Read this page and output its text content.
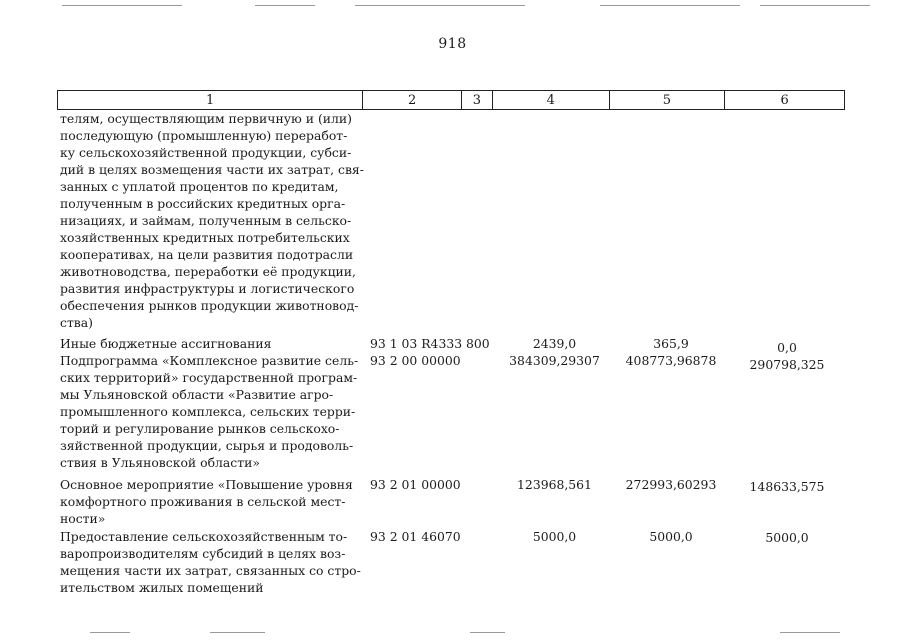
918
1	2	3	4	5	6
телям, осуществляющим первичную и (или)
последующую (промышленную) переработ-
ку сельскохозяйственной продукции, субси-
дий в целях возмещения части их затрат, свя-
занных с уплатой процентов по кредитам,
полученным в российских кредитных орга-
низациях, и займам, полученным в сельско-
хозяйственных кредитных потребительских
кооперативах, на цели развития подотрасли
животноводства, переработки её продукции,
развития инфраструктуры и логистического
обеспечения рынков продукции животновод-
ства)
Иные бюджетные ассигнования	93 1 03 R4333 800	2439,0	365,9	0,0
Подпрограмма «Комплексное развитие сель-
ских территорий» государственной програм-
мы Ульяновской области «Развитие агро-
промышленного комплекса, сельских терри-
торий и регулирование рынков сельскохо-
зяйственной продукции, сырья и продоволь-
ствия в Ульяновской области»
93 2 00 00000	384309,29307	408773,96878	290798,325
Основное мероприятие «Повышение уровня
комфортного проживания в сельской мест-
ности»
93 2 01 00000	123968,561	272993,60293	148633,575
Предоставление сельскохозяйственным то-
варопроизводителям субсидий в целях воз-
мещения части их затрат, связанных со стро-
ительством жилых помещений
93 2 01 46070	5000,0	5000,0	5000,0
